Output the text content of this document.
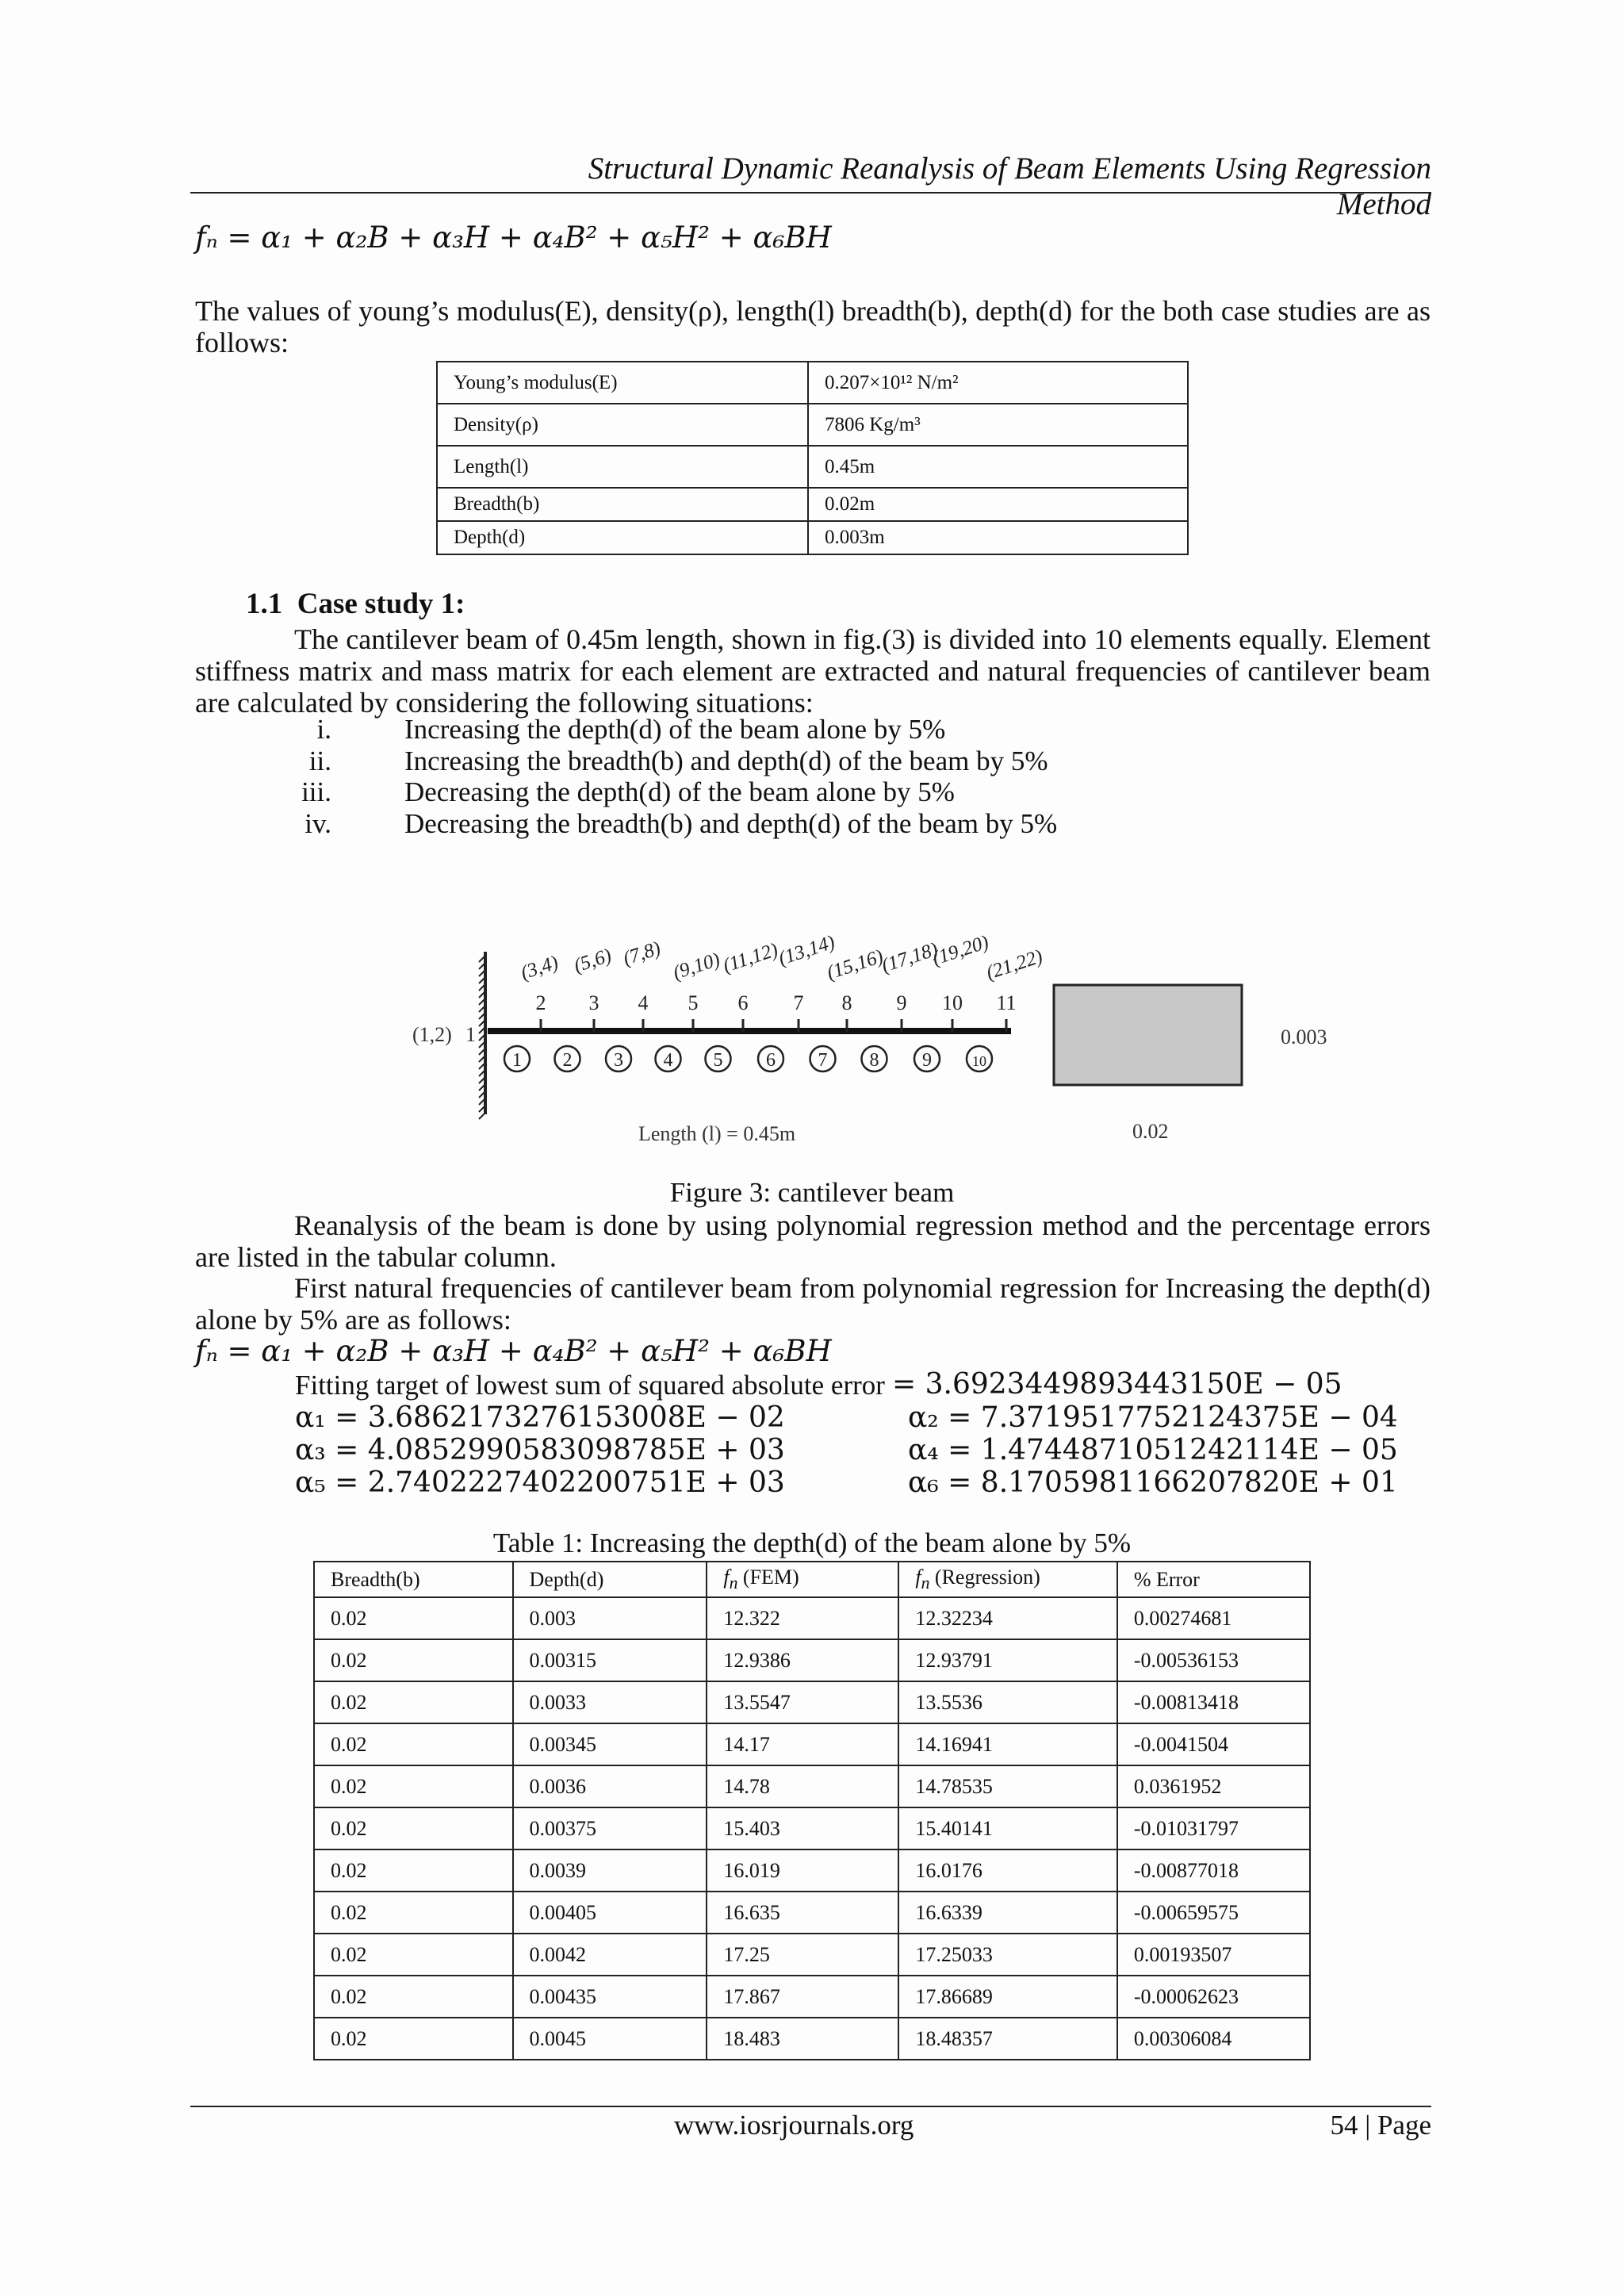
Structural Dynamic Reanalysis of Beam Elements Using Regression Method
fₙ = α₁ + α₂B + α₃H + α₄B² + α₅H² + α₆BH
The values of young’s modulus(E), density(ρ), length(l) breadth(b), depth(d) for the both case studies are as follows:
Young’s modulus(E)	0.207×10¹² N/m²
Density(ρ)	7806 Kg/m³
Length(l)	0.45m
Breadth(b)	0.02m
Depth(d)	0.003m
1.1 Case study 1:
The cantilever beam of 0.45m length, shown in fig.(3) is divided into 10 elements equally. Element stiffness matrix and mass matrix for each element are extracted and natural frequencies of cantilever beam are calculated by considering the following situations:
i.	Increasing the depth(d) of the beam alone by 5%
ii.	Increasing the breadth(b) and depth(d) of the beam by 5%
iii.	Decreasing the depth(d) of the beam alone by 5%
iv.	Decreasing the breadth(b) and depth(d) of the beam by 5%
1
2 3 4 5 6 7 8 9 10 11
(1,2)
(3,4) (5,6) (7,8) (9,10)
(11,12)
(13,14)
(15,16)
(17,18)
(19,20)
(21,22)
1 2 3 4 5 6 7 8 9	10
0.003
0.02
Length (l) = 0.45m
Figure 3: cantilever beam
Reanalysis of the beam is done by using polynomial regression method and the percentage errors are listed in the tabular column.
First natural frequencies of cantilever beam from polynomial regression for Increasing the depth(d) alone by 5% are as follows:
fₙ = α₁ + α₂B + α₃H + α₄B² + α₅H² + α₆BH
Fitting target of lowest sum of squared absolute error = 3.6923449893443150E − 05
α₁ = 3.6862173276153008E − 02	α₂ = 7.3719517752124375E − 04
α₃ = 4.0852990583098785E + 03	α₄ = 1.4744871051242114E − 05
α₅ = 2.7402227402200751E + 03	α₆ = 8.1705981166207820E + 01
Table 1: Increasing the depth(d) of the beam alone by 5%
Breadth(b)	Depth(d)	$f_n$ (FEM)	$f_n$ (Regression)	% Error
0.02	0.003	12.322	12.32234	0.00274681
0.02	0.00315	12.9386	12.93791	-0.00536153
0.02	0.0033	13.5547	13.5536	-0.00813418
0.02	0.00345	14.17	14.16941	-0.0041504
0.02	0.0036	14.78	14.78535	0.0361952
0.02	0.00375	15.403	15.40141	-0.01031797
0.02	0.0039	16.019	16.0176	-0.00877018
0.02	0.00405	16.635	16.6339	-0.00659575
0.02	0.0042	17.25	17.25033	0.00193507
0.02	0.00435	17.867	17.86689	-0.00062623
0.02	0.0045	18.483	18.48357	0.00306084
www.iosrjournals.org	54 | Page
